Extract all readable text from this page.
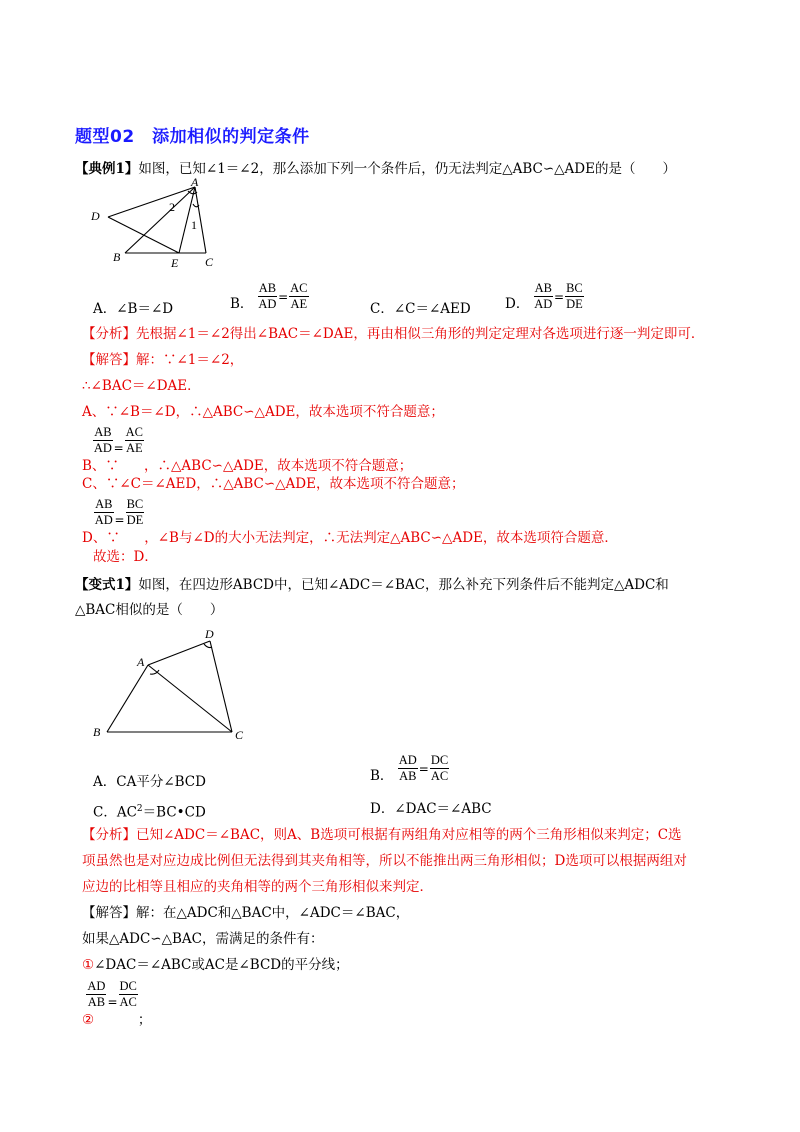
题型02　添加相似的判定条件
【典例1】如图，已知∠1＝∠2，那么添加下列一个条件后，仍无法判定△ABC∽△ADE的是（　　）
A
D
B	E C
2
1
A．∠B＝∠D	B． $\frac{AB}{AD} = \frac{AC}{AE}$	C．∠C＝∠AED	D． $\frac{AB}{AD} = \frac{BC}{DE}$
【分析】先根据∠1＝∠2得出∠BAC＝∠DAE，再由相似三角形的判定定理对各选项进行逐一判定即可．
【解答】解：∵∠1＝∠2，
∴∠BAC＝∠DAE．
A、∵∠B＝∠D，∴△ABC∽△ADE，故本选项不符合题意；
B、∵
$\frac{AB}{AD} = \frac{AC}{AE}$
，∴△ABC∽△ADE，故本选项不符合题意；
C、∵∠C＝∠AED，∴△ABC∽△ADE，故本选项不符合题意；
D、∵
$\frac{AB}{AD} = \frac{BC}{DE}$
，∠B与∠D的大小无法判定，∴无法判定△ABC∽△ADE，故本选项符合题意．
故选：D．
【变式1】如图，在四边形ABCD中，已知∠ADC＝∠BAC，那么补充下列条件后不能判定△ADC和
△BAC相似的是（　　）
A
D
B	C
A．CA平分∠BCD	B． $\frac{AD}{AB} = \frac{DC}{AC}$
C．$AC^2=BC•CD$	D．∠DAC＝∠ABC
【分析】已知∠ADC＝∠BAC，则A、B选项可根据有两组角对应相等的两个三角形相似来判定；C选
项虽然也是对应边成比例但无法得到其夹角相等，所以不能推出两三角形相似；D选项可以根据两组对
应边的比相等且相应的夹角相等的两个三角形相似来判定．
【解答】解：在△ADC和△BAC中，∠ADC＝∠BAC，
如果△ADC∽△BAC，需满足的条件有：
①∠DAC＝∠ABC或AC是∠BCD的平分线；
②
$\frac{AD}{AB} = \frac{DC}{AC}$
；
